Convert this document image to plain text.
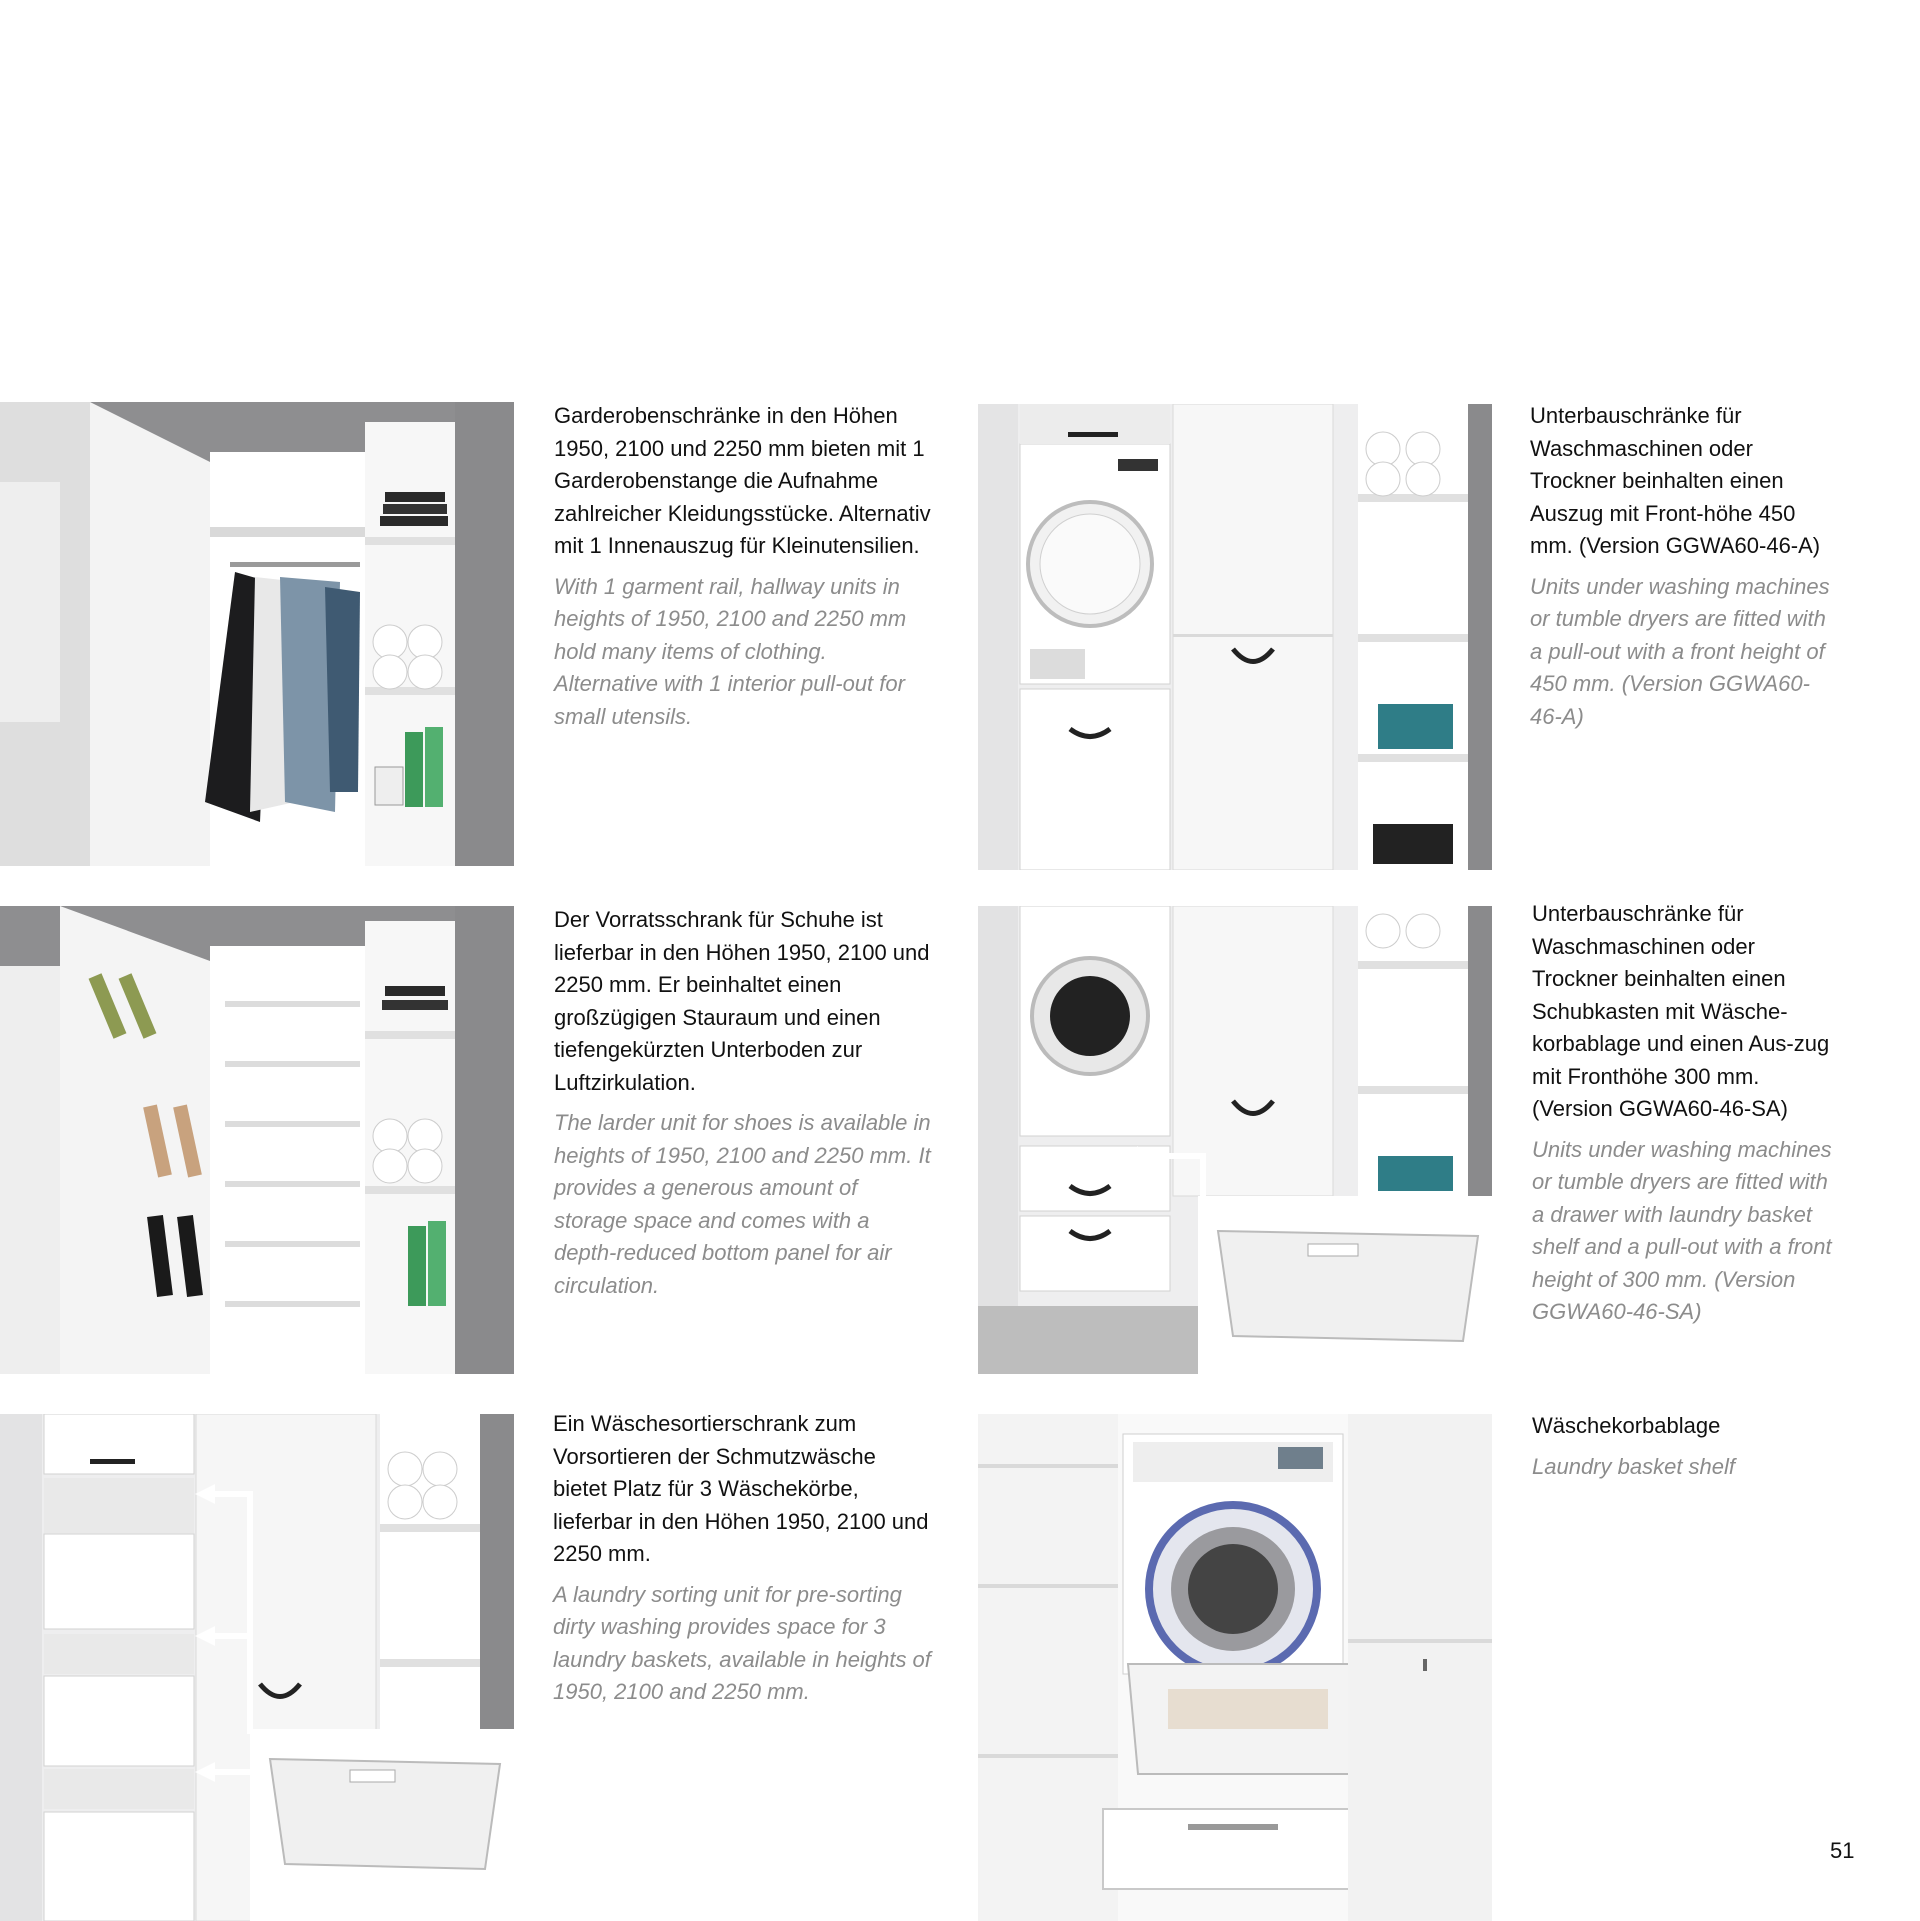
Garderobenschränke in den Höhen 1950, 2100 und 2250 mm bieten mit 1 Garderobenstange die Aufnahme zahlreicher Kleidungsstücke. Alternativ mit 1 Innenauszug für Kleinutensilien.

With 1 garment rail, hallway units in heights of 1950, 2100 and 2250 mm hold many items of clothing. Alternative with 1 interior pull-out for small utensils.

Unterbauschränke für Waschmaschinen oder Trockner beinhalten einen Auszug mit Front-höhe 450 mm. (Version GGWA60-46-A)

Units under washing machines or tumble dryers are fitted with a pull-out with a front height of 450 mm. (Version GGWA60-46-A)

Der Vorratsschrank für Schuhe ist lieferbar in den Höhen 1950, 2100 und 2250 mm. Er beinhaltet einen großzügigen Stauraum und einen tiefengekürzten Unterboden zur Luftzirkulation.

The larder unit for shoes is available in heights of 1950, 2100 and 2250 mm. It provides a generous amount of storage space and comes with a depth-reduced bottom panel for air circulation.

Unterbauschränke für Waschmaschinen oder Trockner beinhalten einen Schubkasten mit Wäsche-korbablage und einen Aus-zug mit Fronthöhe 300 mm. (Version GGWA60-46-SA)

Units under washing machines or tumble dryers are fitted with a drawer with laundry basket shelf and a pull-out with a front height of 300 mm. (Version GGWA60-46-SA)

Ein Wäschesortierschrank zum Vorsortieren der Schmutzwäsche bietet Platz für 3 Wäschekörbe, lieferbar in den Höhen 1950, 2100 und 2250 mm.

A laundry sorting unit for pre-sorting dirty washing provides space for 3 laundry baskets, available in heights of 1950, 2100 and 2250 mm.

Wäschekorbablage

Laundry basket shelf

51
